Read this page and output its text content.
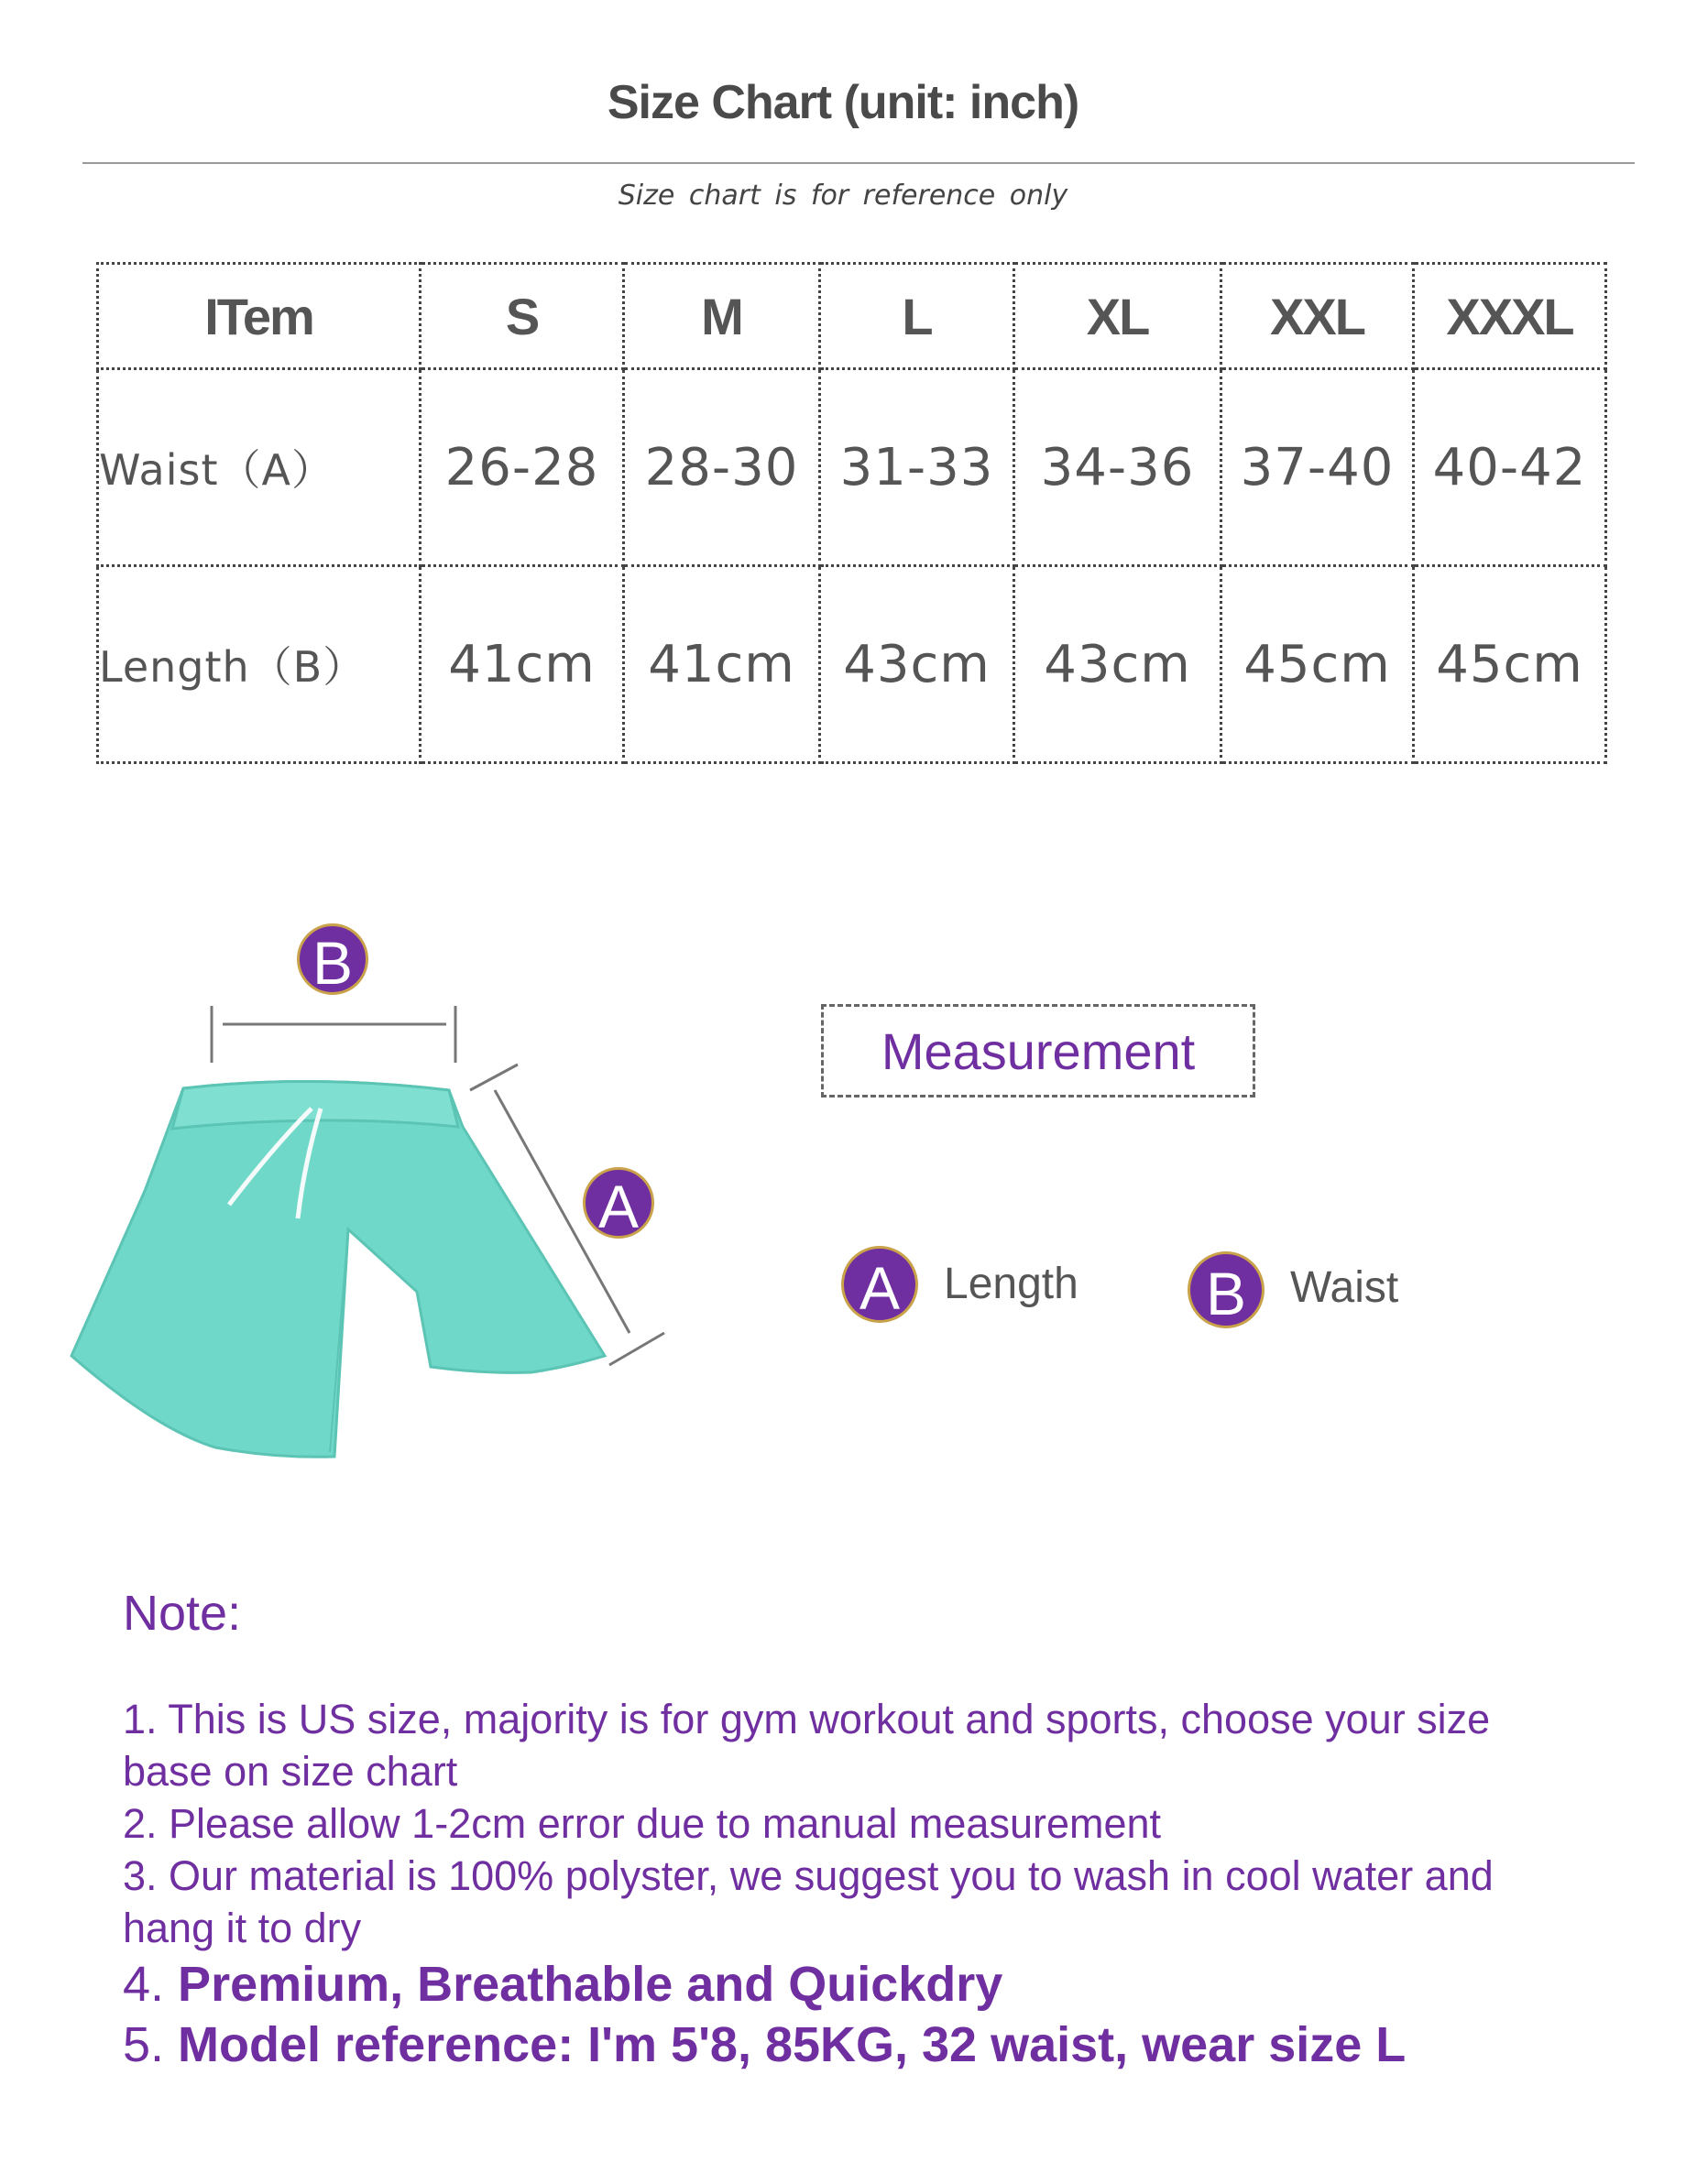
Size Chart (unit: inch)
Size chart is for reference only
ITem	S	M	L	XL	XXL	XXXL
Waist（A）	26-28	28-30	31-33	34-36	37-40	40-42
Length（B）	41cm	41cm	43cm	43cm	45cm	45cm
B
A
Measurement
A Length	B Waist
Note:
1. This is US size, majority is for gym workout and sports, choose your size base on size chart
2. Please allow 1-2cm error due to manual measurement
3. Our material is 100% polyster, we suggest you to wash in cool water and hang it to dry
4. Premium, Breathable and Quickdry
5. Model reference: I'm 5'8, 85KG, 32 waist, wear size L
